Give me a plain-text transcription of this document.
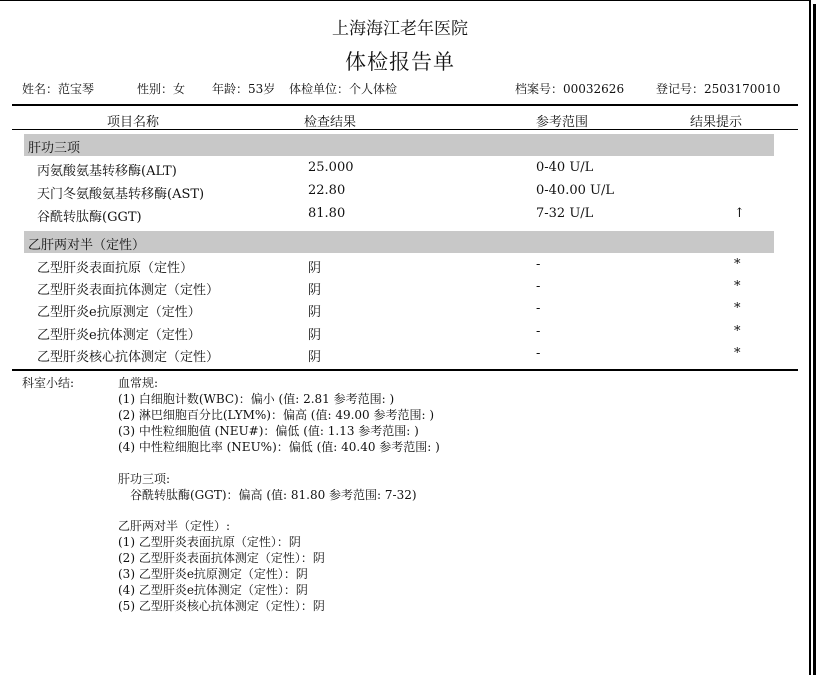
上海海江老年医院
体检报告单
姓名：范宝琴	性别：女 年龄：53岁 体检单位：个人体检	档案号：00032626	登记号：2503170010
项目名称	检查结果	参考范围	结果提示
肝功三项
丙氨酸氨基转移酶(ALT)	25.000	0-40 U/L
天门冬氨酸氨基转移酶(AST)	22.80	0-40.00 U/L
谷酰转肽酶(GGT)	81.80	7-32 U/L	↑
乙肝两对半（定性）
乙型肝炎表面抗原（定性）	阴	-	*
乙型肝炎表面抗体测定（定性）	阴	-	*
乙型肝炎e抗原测定（定性）	阴	-	*
乙型肝炎e抗体测定（定性）	阴	-	*
乙型肝炎核心抗体测定（定性）	阴	-	*
科室小结:	血常规:
(1) 白细胞计数(WBC)：偏小 (值: 2.81 参考范围: )
(2) 淋巴细胞百分比(LYM%)：偏高 (值: 49.00 参考范围: )
(3) 中性粒细胞值 (NEU#)：偏低 (值: 1.13 参考范围: )
(4) 中性粒细胞比率 (NEU%)：偏低 (值: 40.40 参考范围: )
肝功三项:
谷酰转肽酶(GGT)：偏高 (值: 81.80 参考范围: 7-32)
乙肝两对半（定性）:
(1) 乙型肝炎表面抗原（定性）：阴
(2) 乙型肝炎表面抗体测定（定性）：阴
(3) 乙型肝炎e抗原测定（定性）：阴
(4) 乙型肝炎e抗体测定（定性）：阴
(5) 乙型肝炎核心抗体测定（定性）：阴
